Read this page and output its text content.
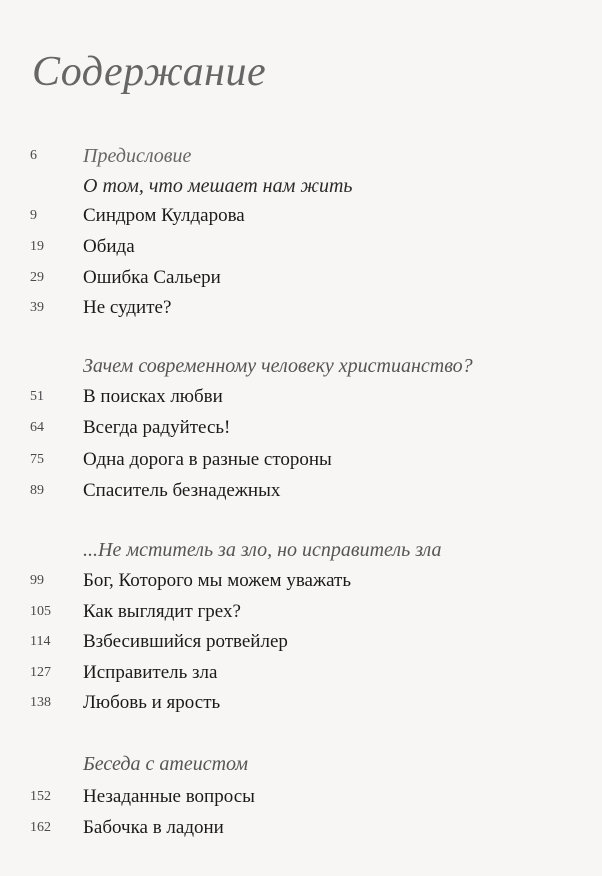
Содержание
6	Предисловие
О том, что мешает нам жить
9	Синдром Кулдарова
19	Обида
29	Ошибка Сальери
39	Не судите?
Зачем современному человеку христианство?
51	В поисках любви
64	Всегда радуйтесь!
75	Одна дорога в разные стороны
89	Спаситель безнадежных
...Не мститель за зло, но исправитель зла
99	Бог, Которого мы можем уважать
105	Как выглядит грех?
114	Взбесившийся ротвейлер
127	Исправитель зла
138	Любовь и ярость
Беседа с атеистом
152	Незаданные вопросы
162	Бабочка в ладони
